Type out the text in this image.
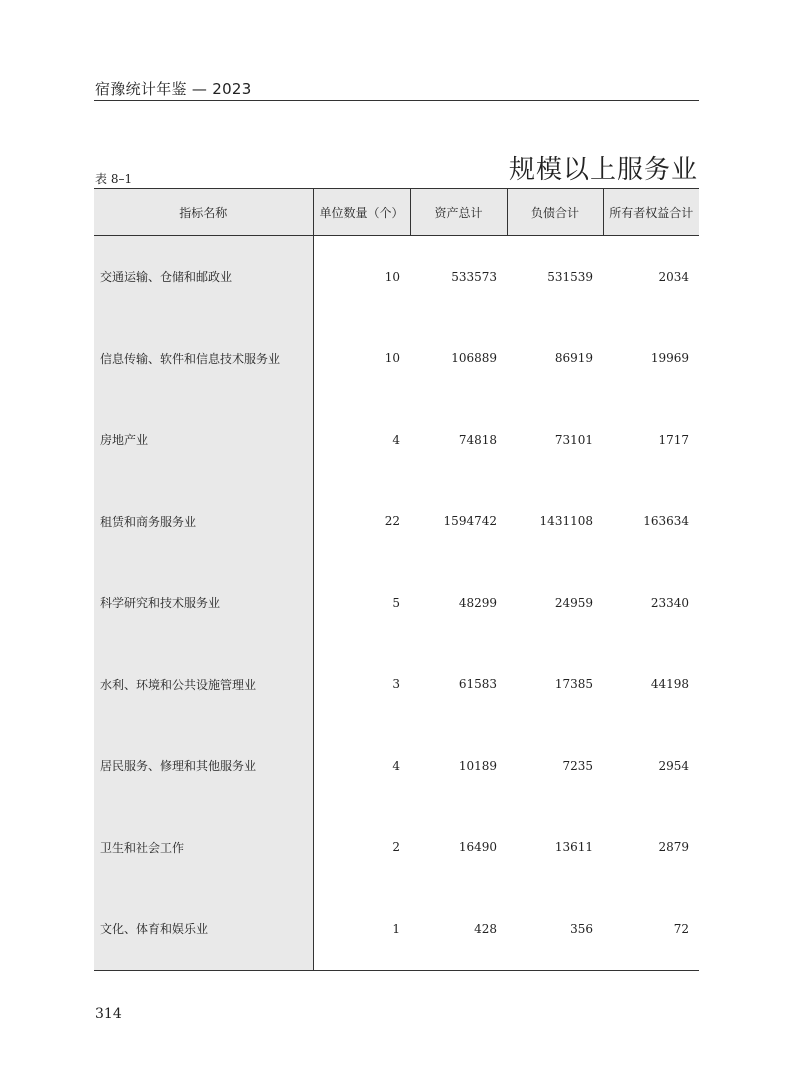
宿豫统计年鉴 — 2023
规模以上服务业
表 8–1
指标名称	单位数量（个）	资产总计	负债合计	所有者权益合计
交通运输、仓储和邮政业	10	533573	531539	2034
信息传输、软件和信息技术服务业	10	106889	86919	19969
房地产业	4	74818	73101	1717
租赁和商务服务业	22	1594742	1431108	163634
科学研究和技术服务业	5	48299	24959	23340
水利、环境和公共设施管理业	3	61583	17385	44198
居民服务、修理和其他服务业	4	10189	7235	2954
卫生和社会工作	2	16490	13611	2879
文化、体育和娱乐业	1	428	356	72
314
